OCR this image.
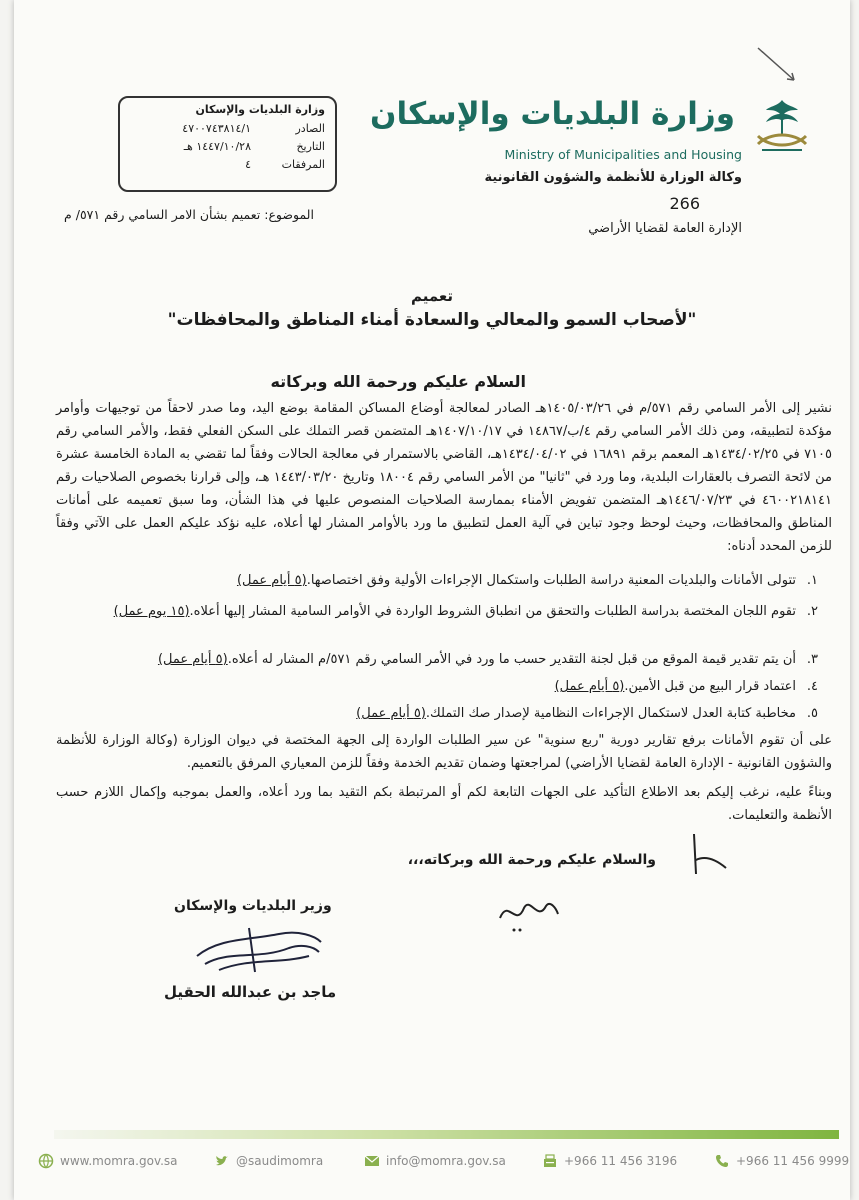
وزارة البلديات والإسكان
Ministry of Municipalities and Housing
وكالة الوزارة للأنظمة والشؤون القانونية
266
الإدارة العامة لقضايا الأراضي
وزارة البلديات والإسكان
الصادر
٤٧٠٠٧٤٣٨١٤/١
التاريخ
١٤٤٧/١٠/٢٨ هـ
المرفقات
٤
الموضوع: تعميم بشأن الامر السامي رقم ٥٧١/ م
تعميم
"لأصحاب السمو والمعالي والسعادة أمناء المناطق والمحافظات"
السلام عليكم ورحمة الله وبركاته
نشير إلى الأمر السامي رقم ٥٧١/م في ١٤٠٥/٠٣/٢٦هـ الصادر لمعالجة أوضاع المساكن المقامة بوضع اليد، وما صدر لاحقاً من توجيهات وأوامر مؤكدة لتطبيقه، ومن ذلك الأمر السامي رقم ٤/ب/١٤٨٦٧ في ١٤٠٧/١٠/١٧هـ المتضمن قصر التملك على السكن الفعلي فقط، والأمر السامي رقم ٧١٠٥ في ١٤٣٤/٠٢/٢٥هـ المعمم برقم ١٦٨٩١ في ١٤٣٤/٠٤/٠٢هـ، القاضي بالاستمرار في معالجة الحالات وفقاً لما تقضي به المادة الخامسة عشرة من لائحة التصرف بالعقارات البلدية، وما ورد في "ثانيا" من الأمر السامي رقم ١٨٠٠٤ وتاريخ ١٤٤٣/٠٣/٢٠ هـ، وإلى قرارنا بخصوص الصلاحيات رقم ٤٦٠٠٢١٨١٤١ في ١٤٤٦/٠٧/٢٣هـ المتضمن تفويض الأمناء بممارسة الصلاحيات المنصوص عليها في هذا الشأن، وما سبق تعميمه على أمانات المناطق والمحافظات، وحيث لوحظ وجود تباين في آلية العمل لتطبيق ما ورد بالأوامر المشار لها أعلاه، عليه نؤكد عليكم العمل على الآتي وفقاً للزمن المحدد أدناه:
١.
تتولى الأمانات والبلديات المعنية دراسة الطلبات واستكمال الإجراءات الأولية وفق اختصاصها.(٥ أيام عمل)
٢.
تقوم اللجان المختصة بدراسة الطلبات والتحقق من انطباق الشروط الواردة في الأوامر السامية المشار إليها أعلاه.(١٥ يوم عمل)
٣.
أن يتم تقدير قيمة الموقع من قبل لجنة التقدير حسب ما ورد في الأمر السامي رقم ٥٧١/م المشار له أعلاه.(٥ أيام عمل)
٤.
اعتماد قرار البيع من قبل الأمين.(٥ أيام عمل)
٥.
مخاطبة كتابة العدل لاستكمال الإجراءات النظامية لإصدار صك التملك.(٥ أيام عمل)
على أن تقوم الأمانات برفع تقارير دورية "ربع سنوية" عن سير الطلبات الواردة إلى الجهة المختصة في ديوان الوزارة (وكالة الوزارة للأنظمة والشؤون القانونية - الإدارة العامة لقضايا الأراضي) لمراجعتها وضمان تقديم الخدمة وفقاً للزمن المعياري المرفق بالتعميم.
وبناءً عليه، نرغب إليكم بعد الاطلاع التأكيد على الجهات التابعة لكم أو المرتبطة بكم التقيد بما ورد أعلاه، والعمل بموجبه وإكمال اللازم حسب الأنظمة والتعليمات.
والسلام عليكم ورحمة الله وبركاته،،،
وزير البلديات والإسكان
ماجد بن عبدالله الحقيل
www.momra.gov.sa	@saudimomra	info@momra.gov.sa	+966 11 456 3196	+966 11 456 9999
